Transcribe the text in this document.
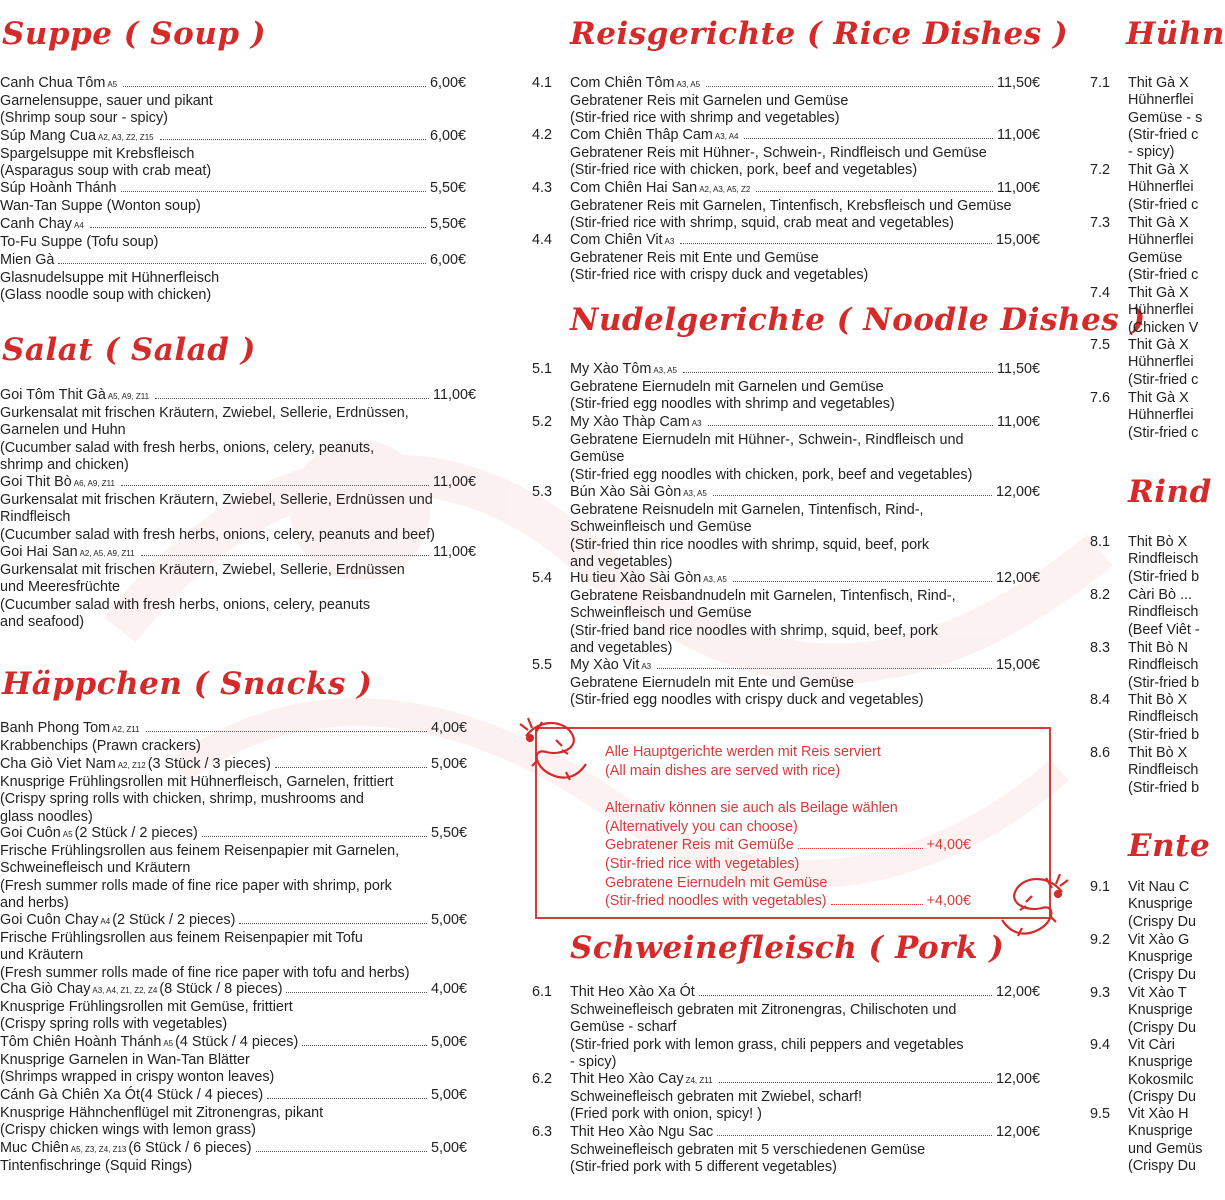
Suppe ( Soup )
Canh Chua Tôm A5	6,00€
Garnelensuppe, sauer und pikant
(Shrimp soup sour - spicy)
Súp Mang Cua A2, A3, Z2, Z15	6,00€
Spargelsuppe mit Krebsfleisch
(Asparagus soup with crab meat)
Súp Hoành Thánh	5,50€
Wan-Tan Suppe (Wonton soup)
Canh Chay A4	5,50€
To-Fu Suppe (Tofu soup)
Mien Gà	6,00€
Glasnudelsuppe mit Hühnerfleisch
(Glass noodle soup with chicken)
Salat ( Salad )
Goi Tôm Thit Gà A5, A9, Z11	11,00€
Gurkensalat mit frischen Kräutern, Zwiebel, Sellerie, Erdnüssen,
Garnelen und Huhn
(Cucumber salad with fresh herbs, onions, celery, peanuts,
shrimp and chicken)
Goi Thit Bò A6, A9, Z11	11,00€
Gurkensalat mit frischen Kräutern, Zwiebel, Sellerie, Erdnüssen und
Rindfleisch
(Cucumber salad with fresh herbs, onions, celery, peanuts and beef)
Goi Hai San A2, A5, A9, Z11	11,00€
Gurkensalat mit frischen Kräutern, Zwiebel, Sellerie, Erdnüssen
und Meeresfrüchte
(Cucumber salad with fresh herbs, onions, celery, peanuts
and seafood)
Häppchen ( Snacks )
Banh Phong Tom A2, Z11	4,00€
Krabbenchips (Prawn crackers)
Cha Giò Viet Nam A2, Z12 (3 Stück / 3 pieces)	5,00€
Knusprige Frühlingsrollen mit Hühnerfleisch, Garnelen, frittiert
(Crispy spring rolls with chicken, shrimp, mushrooms and
glass noodles)
Goi Cuôn A5 (2 Stück / 2 pieces)	5,50€
Frische Frühlingsrollen aus feinem Reisenpapier mit Garnelen,
Schweinefleisch und Kräutern
(Fresh summer rolls made of fine rice paper with shrimp, pork
and herbs)
Goi Cuôn Chay A4 (2 Stück / 2 pieces)	5,00€
Frische Frühlingsrollen aus feinem Reisenpapier mit Tofu
und Kräutern
(Fresh summer rolls made of fine rice paper with tofu and herbs)
Cha Giò Chay A3, A4, Z1, Z2, Z4 (8 Stück / 8 pieces)	4,00€
Knusprige Frühlingsrollen mit Gemüse, frittiert
(Crispy spring rolls with vegetables)
Tôm Chiên Hoành Thánh A5 (4 Stück / 4 pieces)	5,00€
Knusprige Garnelen in Wan-Tan Blätter
(Shrimps wrapped in crispy wonton leaves)
Cánh Gà Chiên Xa Ót (4 Stück / 4 pieces)	5,00€
Knusprige Hähnchenflügel mit Zitronengras, pikant
(Crispy chicken wings with lemon grass)
Muc Chiên A5, Z3, Z4, Z13 (6 Stück / 6 pieces)	5,00€
Tintenfischringe (Squid Rings)
Reisgerichte ( Rice Dishes )
4.1 Com Chiên Tôm A3, A5	11,50€
Gebratener Reis mit Garnelen und Gemüse
(Stir-fried rice with shrimp and vegetables)
4.2 Com Chiên Thâp Cam A3, A4	11,00€
Gebratener Reis mit Hühner-, Schwein-, Rindfleisch und Gemüse
(Stir-fried rice with chicken, pork, beef and vegetables)
4.3 Com Chiên Hai San A2, A3, A5, Z2	11,00€
Gebratener Reis mit Garnelen, Tintenfisch, Krebsfleisch und Gemüse
(Stir-fried rice with shrimp, squid, crab meat and vegetables)
4.4 Com Chiên Vit A3	15,00€
Gebratener Reis mit Ente und Gemüse
(Stir-fried rice with crispy duck and vegetables)
Nudelgerichte ( Noodle Dishes )
5.1 My Xào Tôm A3, A5	11,50€
Gebratene Eiernudeln mit Garnelen und Gemüse
(Stir-fried egg noodles with shrimp and vegetables)
5.2 My Xào Thàp Cam A3	11,00€
Gebratene Eiernudeln mit Hühner-, Schwein-, Rindfleisch und
Gemüse
(Stir-fried egg noodles with chicken, pork, beef and vegetables)
5.3 Bún Xào Sài Gòn A3, A5	12,00€
Gebratene Reisnudeln mit Garnelen, Tintenfisch, Rind-,
Schweinfleisch und Gemüse
(Stir-fried thin rice noodles with shrimp, squid, beef, pork
and vegetables)
5.4 Hu tieu Xào Sài Gòn A3, A5	12,00€
Gebratene Reisbandnudeln mit Garnelen, Tintenfisch, Rind-,
Schweinfleisch und Gemüse
(Stir-fried band rice noodles with shrimp, squid, beef, pork
and vegetables)
5.5 My Xào Vit A3	15,00€
Gebratene Eiernudeln mit Ente und Gemüse
(Stir-fried egg noodles with crispy duck and vegetables)
Schweinefleisch ( Pork )
6.1 Thit Heo Xào Xa Ót	12,00€
Schweinefleisch gebraten mit Zitronengras, Chilischoten und
Gemüse - scharf
(Stir-fried pork with lemon grass, chili peppers and vegetables
- spicy)
6.2 Thit Heo Xào Cay Z4, Z11	12,00€
Schweinefleisch gebraten mit Zwiebel, scharf!
(Fried pork with onion, spicy! )
6.3 Thit Heo Xào Ngu Sac	12,00€
Schweinefleisch gebraten mit 5 verschiedenen Gemüse
(Stir-fried pork with 5 different vegetables)
Alle Hauptgerichte werden mit Reis serviert
(All main dishes are served with rice)
Alternativ können sie auch als Beilage wählen
(Alternatively you can choose)
Gebratener Reis mit Gemüße	+4,00€
(Stir-fried rice with vegetables)
Gebratene Eiernudeln mit Gemüse
(Stir-fried noodles with vegetables)	+4,00€
Hühn
7.1 Thit Gà X
Hühnerflei
Gemüse - s
(Stir-fried c
- spicy)
7.2 Thit Gà X
Hühnerflei
(Stir-fried c
7.3 Thit Gà X
Hühnerflei
Gemüse
(Stir-fried c
7.4 Thit Gà X
Hühnerflei
(Chicken V
7.5 Thit Gà X
Hühnerflei
(Stir-fried c
7.6 Thit Gà X
Hühnerflei
(Stir-fried c
Rind
8.1 Thit Bò X
Rindfleisch
(Stir-fried b
8.2 Càri Bò ...
Rindfleisch
(Beef Viêt -
8.3 Thit Bò N
Rindfleisch
(Stir-fried b
8.4 Thit Bò X
Rindfleisch
(Stir-fried b
8.6 Thit Bò X
Rindfleisch
(Stir-fried b
Ente
9.1 Vit Nau C
Knusprige
(Crispy Du
9.2 Vit Xào G
Knusprige
(Crispy Du
9.3 Vit Xào T
Knusprige
(Crispy Du
9.4 Vit Càri
Knusprige
Kokosmilc
(Crispy Du
9.5 Vit Xào H
Knusprige
und Gemüs
(Crispy Du
